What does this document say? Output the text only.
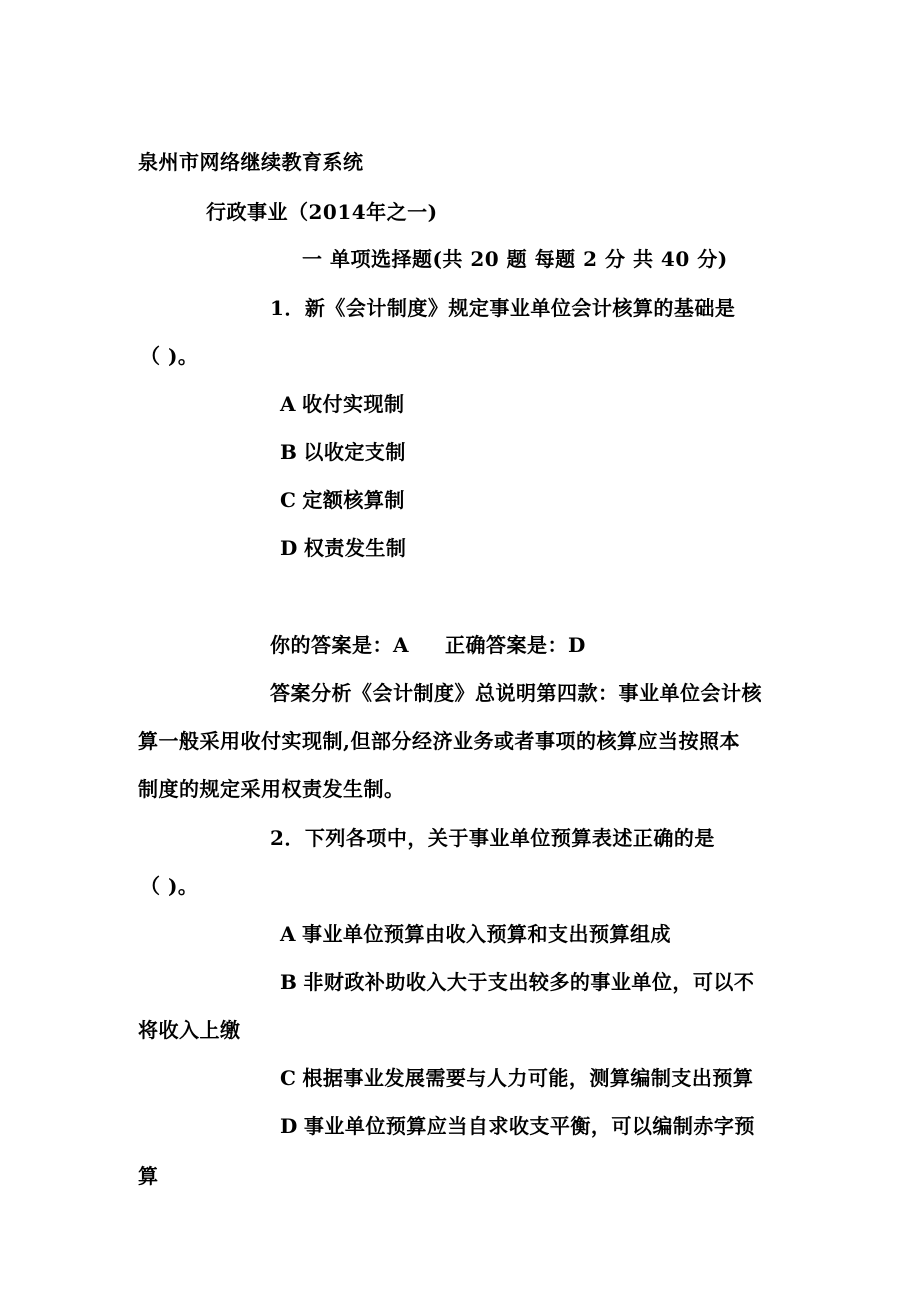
泉州市网络继续教育系统
行政事业（2014年之一)
一 单项选择题(共 20 题 每题 2 分 共 40 分)
1．新《会计制度》规定事业单位会计核算的基础是
（ )。
A 收付实现制
B 以收定支制
C 定额核算制
D 权责发生制
你的答案是：A 正确答案是：D
答案分析《会计制度》总说明第四款：事业单位会计核
算一般采用收付实现制,但部分经济业务或者事项的核算应当按照本
制度的规定采用权责发生制。
2．下列各项中，关于事业单位预算表述正确的是
（ )。
A 事业单位预算由收入预算和支出预算组成
B 非财政补助收入大于支出较多的事业单位，可以不
将收入上缴
C 根据事业发展需要与人力可能，测算编制支出预算
D 事业单位预算应当自求收支平衡，可以编制赤字预
算
